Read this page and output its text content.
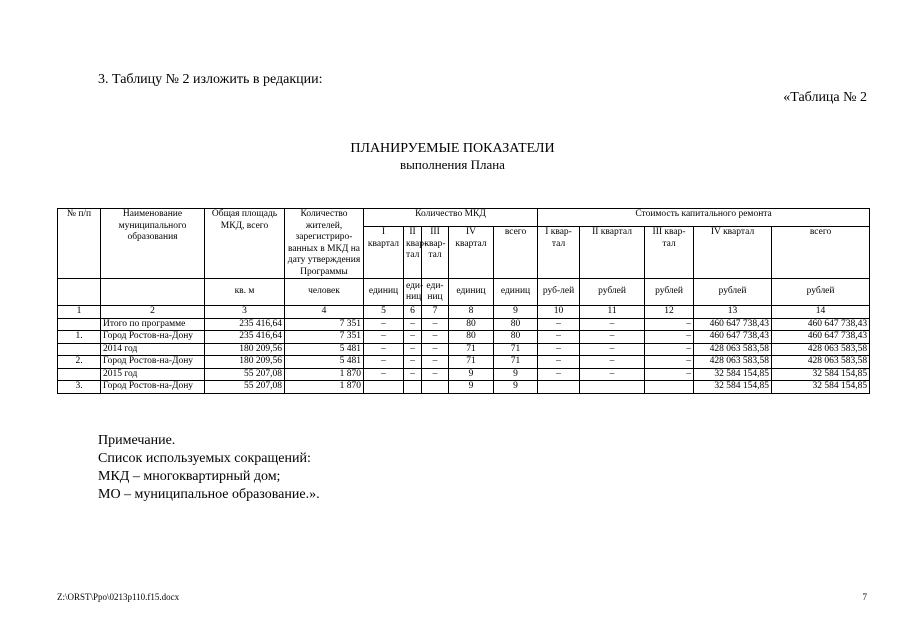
3. Таблицу № 2 изложить в редакции:
«Таблица № 2
ПЛАНИРУЕМЫЕ ПОКАЗАТЕЛИ
выполнения Плана
№ п/п	Наименование муниципального образования	Общая площадь МКД, всего	Количество жителей, зарегистриро-ванных в МКД на дату утверждения Программы	Количество МКД					Стоимость капитального ремонта				
				I квартал	II квар-тал	III квар-тал	IV квартал	всего	I квар-тал	II квартал	III квар-тал	IV квартал	всего
		кв. м	человек	единиц	еди-ниц	еди-ниц	единиц	единиц	руб-лей	рублей	рублей	рублей	рублей
1	2	3	4	5	6	7	8	9	10	11	12	13	14
	Итого по программе	235 416,64	7 351	–	–	–	80	80	–	–	–	460 647 738,43	460 647 738,43
1.	Город Ростов-на-Дону	235 416,64	7 351	–	–	–	80	80	–	–	–	460 647 738,43	460 647 738,43
	2014 год	180 209,56	5 481	–	–	–	71	71	–	–	–	428 063 583,58	428 063 583,58
2.	Город Ростов-на-Дону	180 209,56	5 481	–	–	–	71	71	–	–	–	428 063 583,58	428 063 583,58
	2015 год	55 207,08	1 870	–	–	–	9	9	–	–	–	32 584 154,85	32 584 154,85
3.	Город Ростов-на-Дону	55 207,08	1 870				9	9				32 584 154,85	32 584 154,85
Примечание.
Список используемых сокращений:
МКД – многоквартирный дом;
МО – муниципальное образование.».
Z:\ORST\Ppo\0213p110.f15.docx	7
